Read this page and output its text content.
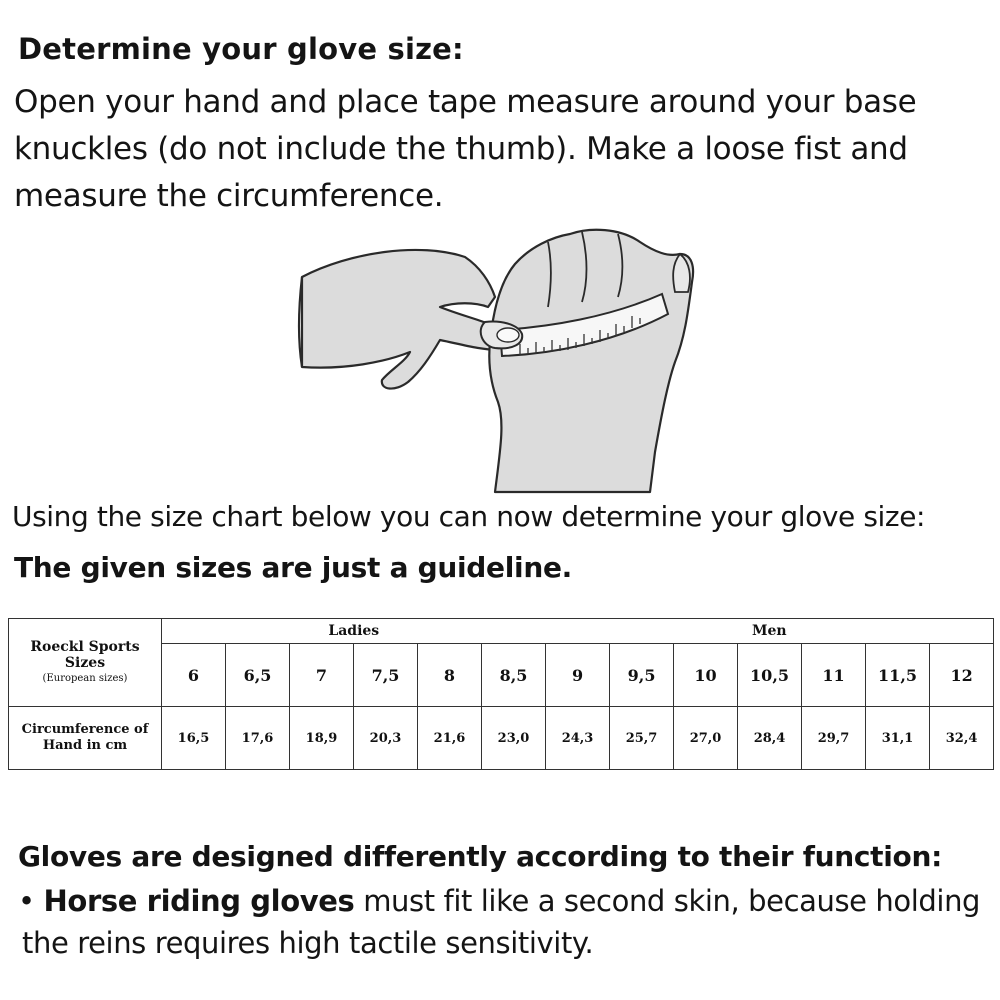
Determine your glove size:
Open your hand and place tape measure around your base
knuckles (do not include the thumb). Make a loose fist and
measure the circumference.
Using the size chart below you can now determine your glove size:
The given sizes are just a guideline.
Roeckl Sports
Sizes
(European sizes)	Ladies						Men						
	6	6,5	7	7,5	8	8,5	9	9,5	10	10,5	11	11,5	12
Circumference of
Hand in cm	16,5	17,6	18,9	20,3	21,6	23,0	24,3	25,7	27,0	28,4	29,7	31,1	32,4
Gloves are designed differently according to their function:
• Horse riding gloves must fit like a second skin, because holding
the reins requires high tactile sensitivity.
